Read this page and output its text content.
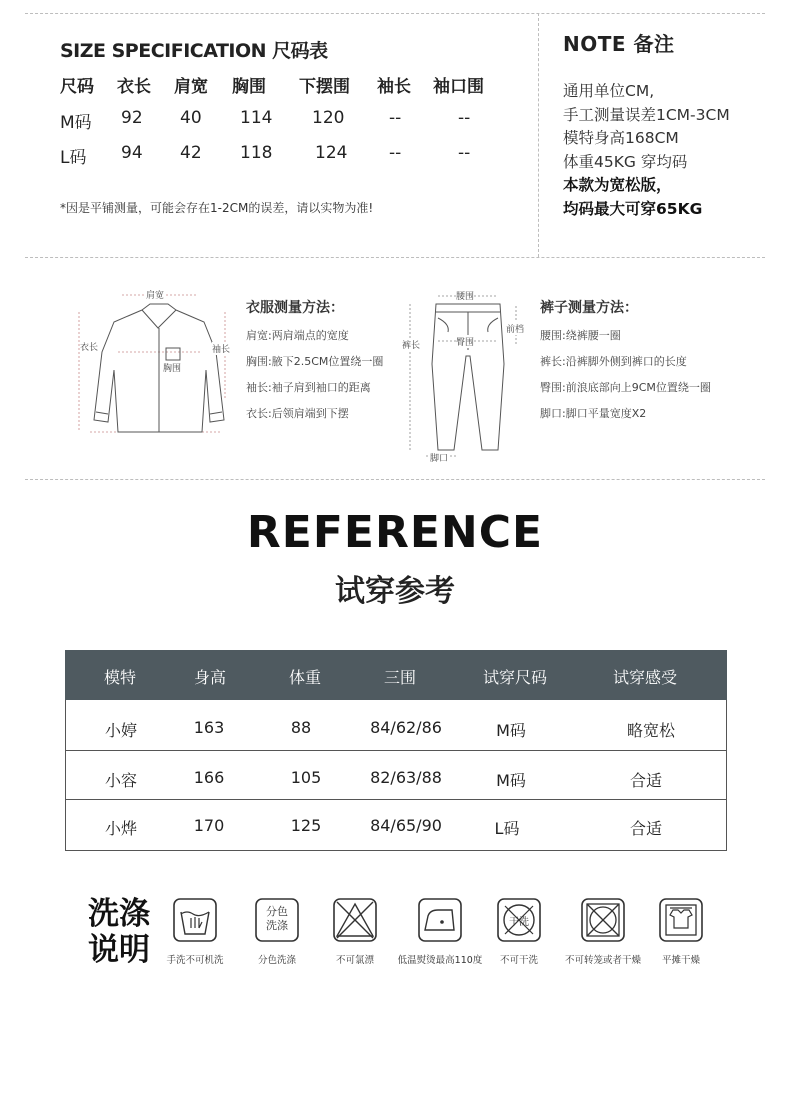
SIZE SPECIFICATION 尺码表
尺码 衣长 肩宽 胸围 下摆围 袖长 袖口围
M码 92 40 114 120	--	--
L码 94 42 118	124 --	--
*因是平铺测量，可能会存在1-2CM的误差，请以实物为准!
NOTE 备注
通用单位CM,
手工测量误差1CM-3CM
模特身高168CM
体重45KG 穿均码
本款为宽松版，
均码最大可穿65KG
肩宽
衣长	袖长
胸围
衣服测量方法：
肩宽:两肩端点的宽度
胸围:腋下2.5CM位置绕一圈
袖长:袖子肩到袖口的距离
衣长:后领肩端到下摆
腰围
前档
裤长	臀围
脚口
裤子测量方法：
腰围:绕裤腰一圈
裤长:沿裤脚外侧到裤口的长度
臀围:前浪底部向上9CM位置绕一圈
脚口:脚口平量宽度X2
REFERENCE
试穿参考
模特	身高	体重	三围	试穿尺码	试穿感受
小婷	163	88	84/62/86	M码	略宽松
小容	166	105	82/63/88	M码	合适
小烨	170	125	84/65/90	L码	合适
洗涤
说明	手洗不可机洗
分色
洗涤
分色洗涤	不可氯漂	低温熨烫最高110度
干洗
不可干洗	不可转笼或者干燥	平摊干燥
